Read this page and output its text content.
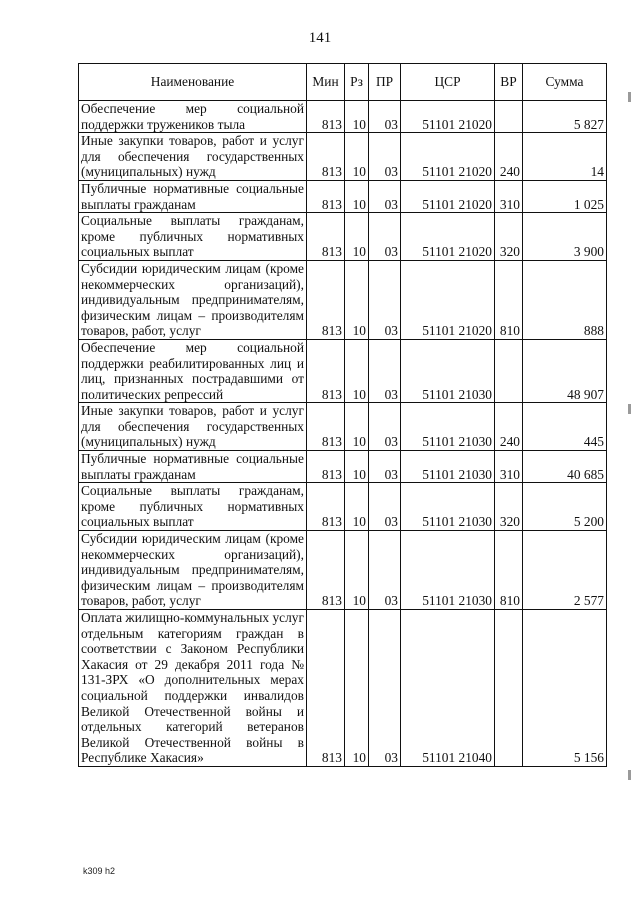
141
Наименование	Мин	Рз	ПР	ЦСР	ВР	Сумма
Обеспечение мер социальной поддержки тружеников тыла	813	10	03	51101 21020		5 827
Иные закупки товаров, работ и услуг для обеспечения государственных (муниципальных) нужд	813	10	03	51101 21020	240	14
Публичные нормативные социальные выплаты гражданам	813	10	03	51101 21020	310	1 025
Социальные выплаты гражданам, кроме публичных нормативных социальных выплат	813	10	03	51101 21020	320	3 900
Субсидии юридическим лицам (кроме некоммерческих организаций), индивидуальным предпринимателям, физическим лицам – производителям товаров, работ, услуг	813	10	03	51101 21020	810	888
Обеспечение мер социальной поддержки реабилитированных лиц и лиц, признанных пострадавшими от политических репрессий	813	10	03	51101 21030		48 907
Иные закупки товаров, работ и услуг для обеспечения государственных (муниципальных) нужд	813	10	03	51101 21030	240	445
Публичные нормативные социальные выплаты гражданам	813	10	03	51101 21030	310	40 685
Социальные выплаты гражданам, кроме публичных нормативных социальных выплат	813	10	03	51101 21030	320	5 200
Субсидии юридическим лицам (кроме некоммерческих организаций), индивидуальным предпринимателям, физическим лицам – производителям товаров, работ, услуг	813	10	03	51101 21030	810	2 577
Оплата жилищно-коммунальных услуг отдельным категориям граждан в соответствии с Законом Республики Хакасия от 29 декабря 2011 года № 131-ЗРХ «О дополнительных мерах социальной поддержки инвалидов Великой Отечественной войны и отдельных категорий ветеранов Великой Отечественной войны в Республике Хакасия»	813	10	03	51101 21040		5 156
k309 h2
